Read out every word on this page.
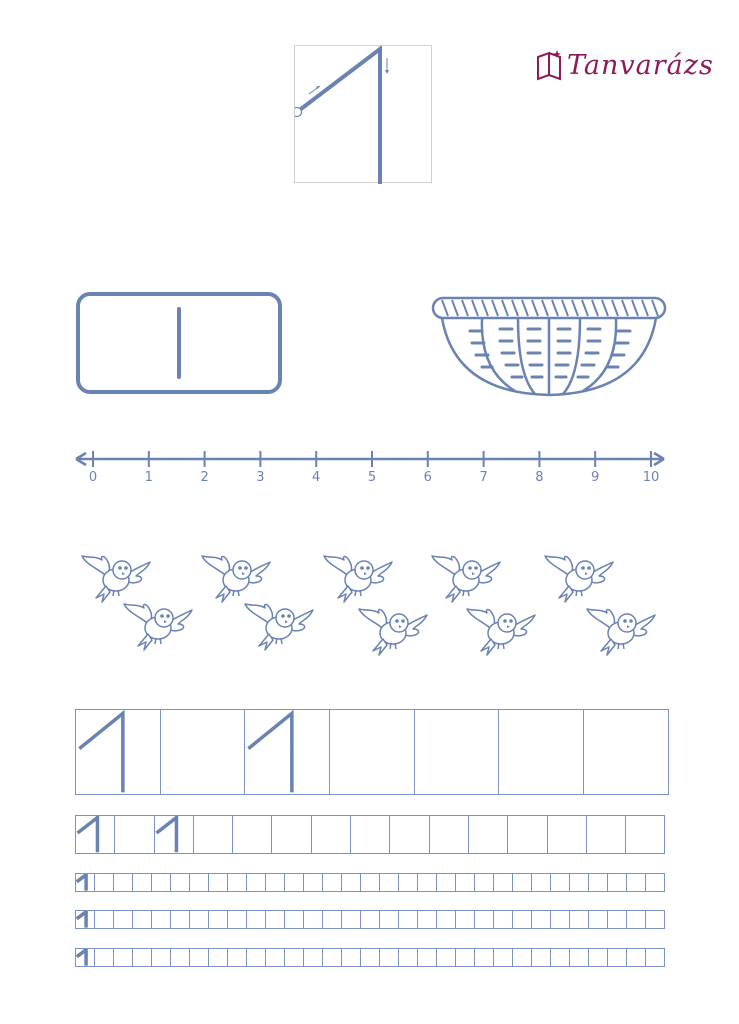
Tanvarázs
0	1	2	3	4	5	6	7	8	9	10
